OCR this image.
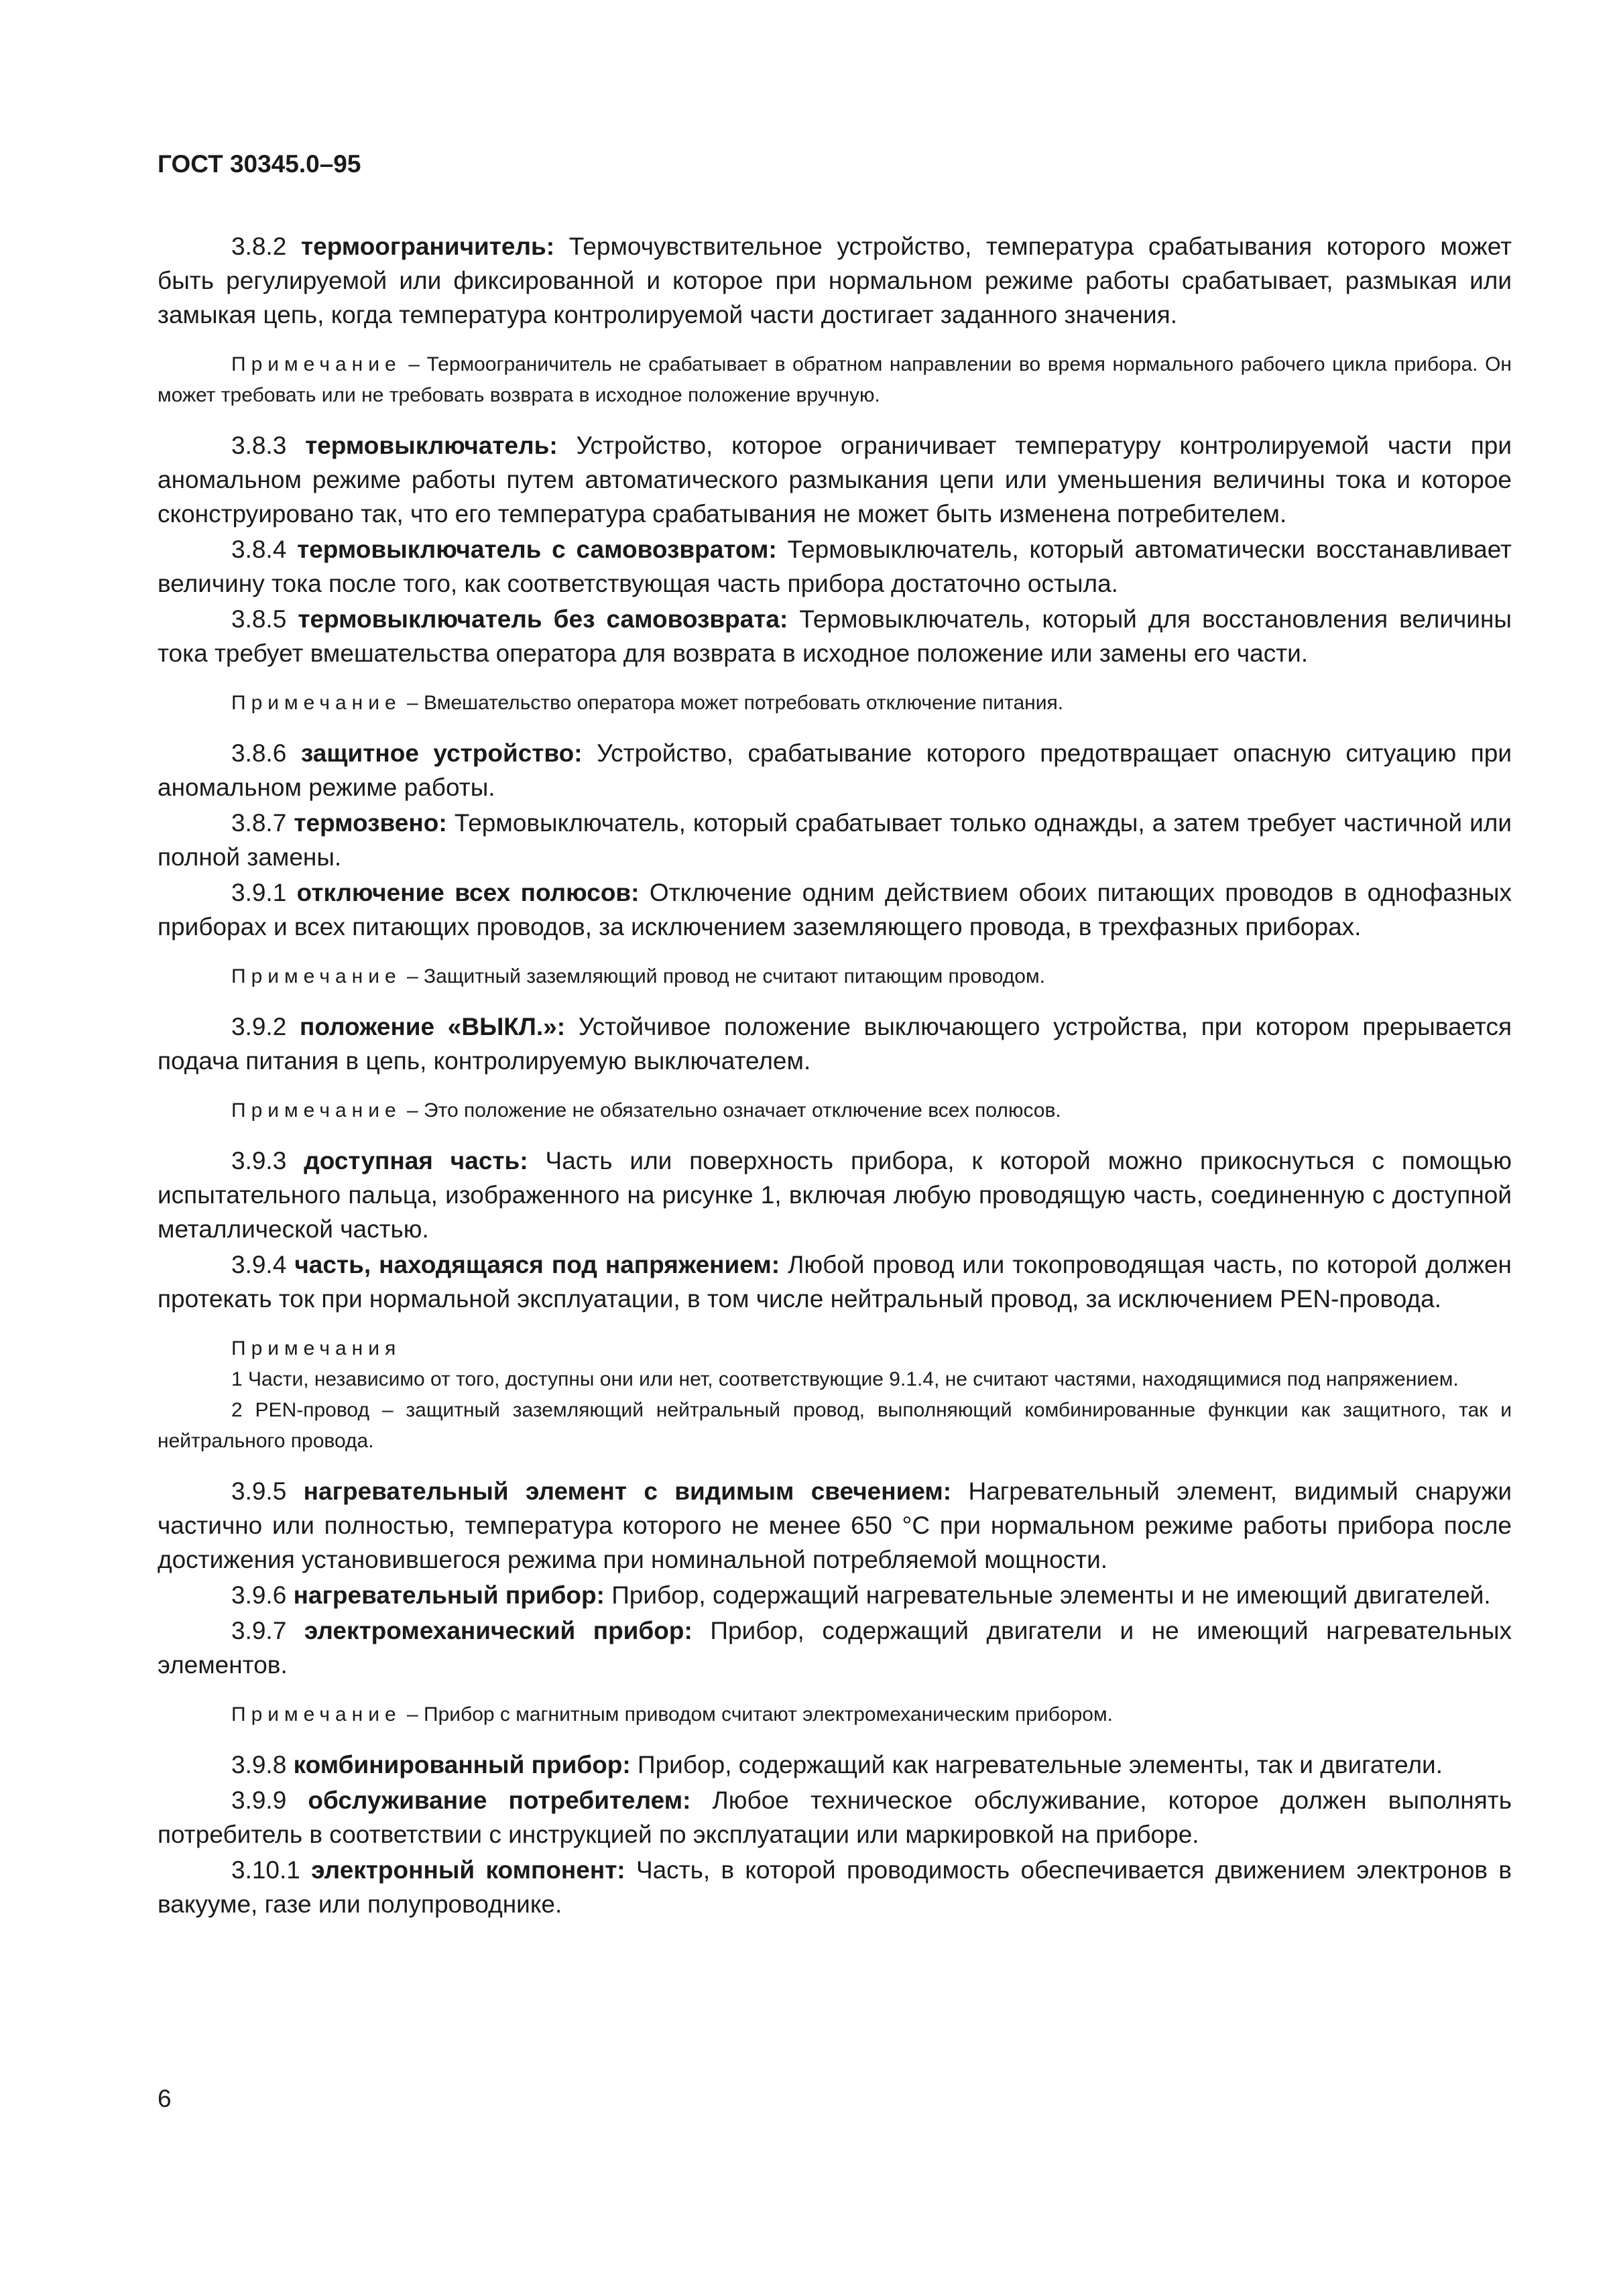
ГОСТ 30345.0–95

3.8.2 термоограничитель: Термочувствительное устройство, температура срабатывания которого может быть регулируемой или фиксированной и которое при нормальном режиме работы срабатывает, размыкая или замыкая цепь, когда температура контролируемой части достигает заданного значения.

Примечание – Термоограничитель не срабатывает в обратном направлении во время нормального рабочего цикла прибора. Он может требовать или не требовать возврата в исходное положение вручную.

3.8.3 термовыключатель: Устройство, которое ограничивает температуру контролируемой части при аномальном режиме работы путем автоматического размыкания цепи или уменьшения величины тока и которое сконструировано так, что его температура срабатывания не может быть изменена потребителем.

3.8.4 термовыключатель с самовозвратом: Термовыключатель, который автоматически восстанавливает величину тока после того, как соответствующая часть прибора достаточно остыла.

3.8.5 термовыключатель без самовозврата: Термовыключатель, который для восстановления величины тока требует вмешательства оператора для возврата в исходное положение или замены его части.

Примечание – Вмешательство оператора может потребовать отключение питания.

3.8.6 защитное устройство: Устройство, срабатывание которого предотвращает опасную ситуацию при аномальном режиме работы.

3.8.7 термозвено: Термовыключатель, который срабатывает только однажды, а затем требует частичной или полной замены.

3.9.1 отключение всех полюсов: Отключение одним действием обоих питающих проводов в однофазных приборах и всех питающих проводов, за исключением заземляющего провода, в трехфазных приборах.

Примечание – Защитный заземляющий провод не считают питающим проводом.

3.9.2 положение «ВЫКЛ.»: Устойчивое положение выключающего устройства, при котором прерывается подача питания в цепь, контролируемую выключателем.

Примечание – Это положение не обязательно означает отключение всех полюсов.

3.9.3 доступная часть: Часть или поверхность прибора, к которой можно прикоснуться с помощью испытательного пальца, изображенного на рисунке 1, включая любую проводящую часть, соединенную с доступной металлической частью.

3.9.4 часть, находящаяся под напряжением: Любой провод или токопроводящая часть, по которой должен протекать ток при нормальной эксплуатации, в том числе нейтральный провод, за исключением PEN-провода.

Примечания

1 Части, независимо от того, доступны они или нет, соответствующие 9.1.4, не считают частями, находящимися под напряжением.

2 PEN-провод – защитный заземляющий нейтральный провод, выполняющий комбинированные функции как защитного, так и нейтрального провода.

3.9.5 нагревательный элемент с видимым свечением: Нагревательный элемент, видимый снаружи частично или полностью, температура которого не менее 650 °С при нормальном режиме работы прибора после достижения установившегося режима при номинальной потребляемой мощности.

3.9.6 нагревательный прибор: Прибор, содержащий нагревательные элементы и не имеющий двигателей.

3.9.7 электромеханический прибор: Прибор, содержащий двигатели и не имеющий нагревательных элементов.

Примечание – Прибор с магнитным приводом считают электромеханическим прибором.

3.9.8 комбинированный прибор: Прибор, содержащий как нагревательные элементы, так и двигатели.

3.9.9 обслуживание потребителем: Любое техническое обслуживание, которое должен выполнять потребитель в соответствии с инструкцией по эксплуатации или маркировкой на приборе.

3.10.1 электронный компонент: Часть, в которой проводимость обеспечивается движением электронов в вакууме, газе или полупроводнике.

6
